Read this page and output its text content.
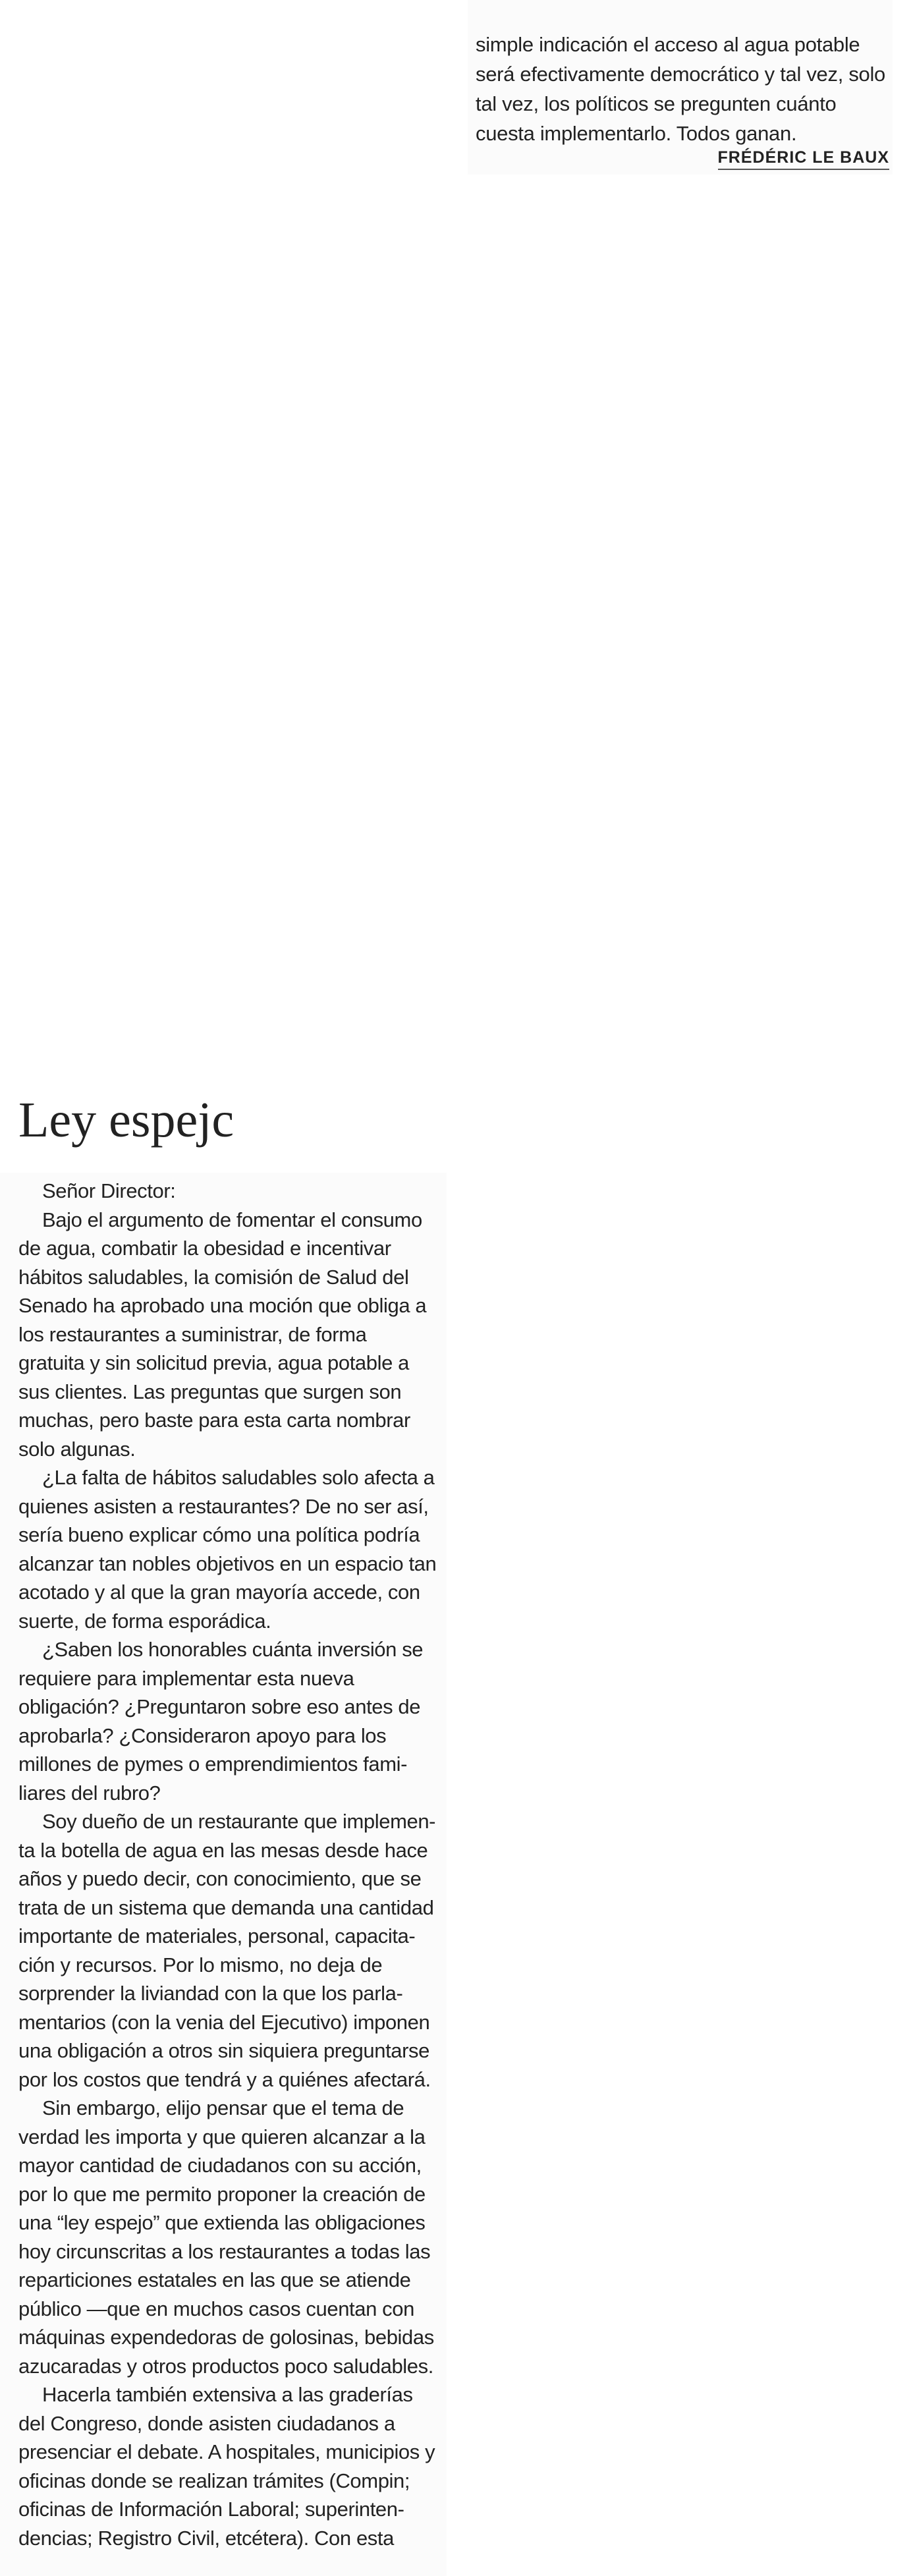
simple indicación el acceso al agua potable
será efectivamente democrático y tal vez, solo
tal vez, los políticos se pregunten cuánto
cuesta implementarlo. Todos ganan.

FRÉDÉRIC LE BAUX
Ley espejc

Señor Director:

Bajo el argumento de fomentar el consumo
de agua, combatir la obesidad e incentivar
hábitos saludables, la comisión de Salud del
Senado ha aprobado una moción que obliga a
los restaurantes a suministrar, de forma
gratuita y sin solicitud previa, agua potable a
sus clientes. Las preguntas que surgen son
muchas, pero baste para esta carta nombrar
solo algunas.

¿La falta de hábitos saludables solo afecta a
quienes asisten a restaurantes? De no ser así,
sería bueno explicar cómo una política podría
alcanzar tan nobles objetivos en un espacio tan
acotado y al que la gran mayoría accede, con
suerte, de forma esporádica.

¿Saben los honorables cuánta inversión se
requiere para implementar esta nueva
obligación? ¿Preguntaron sobre eso antes de
aprobarla? ¿Consideraron apoyo para los
millones de pymes o emprendimientos fami-
liares del rubro?

Soy dueño de un restaurante que implemen-
ta la botella de agua en las mesas desde hace
años y puedo decir, con conocimiento, que se
trata de un sistema que demanda una cantidad
importante de materiales, personal, capacita-
ción y recursos. Por lo mismo, no deja de
sorprender la liviandad con la que los parla-
mentarios (con la venia del Ejecutivo) imponen
una obligación a otros sin siquiera preguntarse
por los costos que tendrá y a quiénes afectará.

Sin embargo, elijo pensar que el tema de
verdad les importa y que quieren alcanzar a la
mayor cantidad de ciudadanos con su acción,
por lo que me permito proponer la creación de
una “ley espejo” que extienda las obligaciones
hoy circunscritas a los restaurantes a todas las
reparticiones estatales en las que se atiende
público —que en muchos casos cuentan con
máquinas expendedoras de golosinas, bebidas
azucaradas y otros productos poco saludables.

Hacerla también extensiva a las graderías
del Congreso, donde asisten ciudadanos a
presenciar el debate. A hospitales, municipios y
oficinas donde se realizan trámites (Compin;
oficinas de Información Laboral; superinten-
dencias; Registro Civil, etcétera). Con esta
